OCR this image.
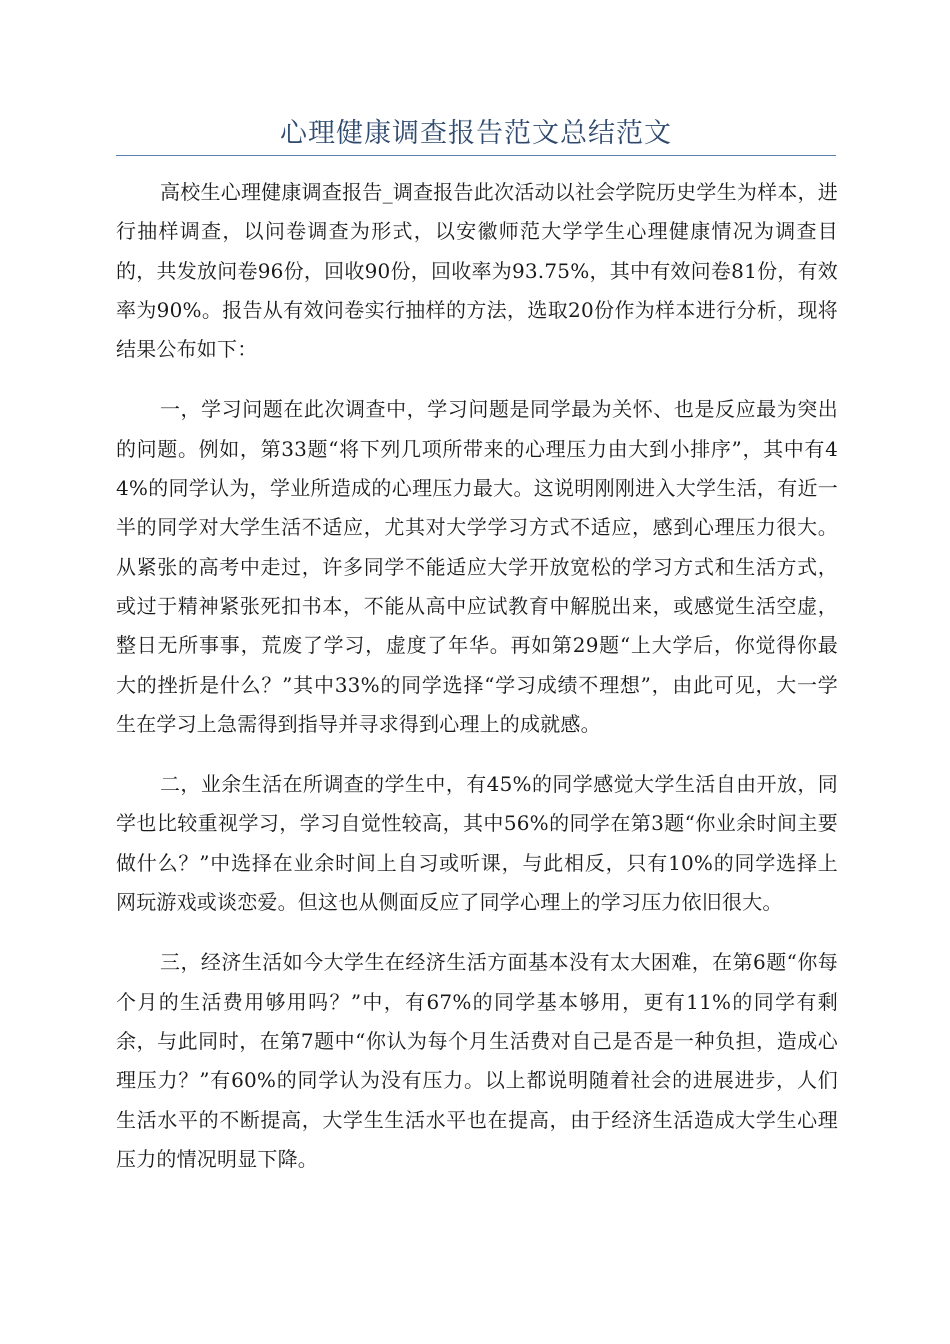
心理健康调查报告范文总结范文

高校生心理健康调查报告_调查报告此次活动以社会学院历史学生为样本，进行抽样调查，以问卷调查为形式，以安徽师范大学学生心理健康情况为调查目的，共发放问卷96份，回收90份，回收率为93.75%，其中有效问卷81份，有效率为90%。报告从有效问卷实行抽样的方法，选取20份作为样本进行分析，现将结果公布如下：

一，学习问题在此次调查中，学习问题是同学最为关怀、也是反应最为突出的问题。例如，第33题“将下列几项所带来的心理压力由大到小排序”，其中有44%的同学认为，学业所造成的心理压力最大。这说明刚刚进入大学生活，有近一半的同学对大学生活不适应，尤其对大学学习方式不适应，感到心理压力很大。从紧张的高考中走过，许多同学不能适应大学开放宽松的学习方式和生活方式，或过于精神紧张死扣书本，不能从高中应试教育中解脱出来，或感觉生活空虚，整日无所事事，荒废了学习，虚度了年华。再如第29题“上大学后，你觉得你最大的挫折是什么？”其中33%的同学选择“学习成绩不理想”，由此可见，大一学生在学习上急需得到指导并寻求得到心理上的成就感。

二，业余生活在所调查的学生中，有45%的同学感觉大学生活自由开放，同学也比较重视学习，学习自觉性较高，其中56%的同学在第3题“你业余时间主要做什么？”中选择在业余时间上自习或听课，与此相反，只有10%的同学选择上网玩游戏或谈恋爱。但这也从侧面反应了同学心理上的学习压力依旧很大。

三，经济生活如今大学生在经济生活方面基本没有太大困难，在第6题“你每个月的生活费用够用吗？”中，有67%的同学基本够用，更有11%的同学有剩余，与此同时，在第7题中“你认为每个月生活费对自己是否是一种负担，造成心理压力？”有60%的同学认为没有压力。以上都说明随着社会的进展进步，人们生活水平的不断提高，大学生生活水平也在提高，由于经济生活造成大学生心理压力的情况明显下降。
